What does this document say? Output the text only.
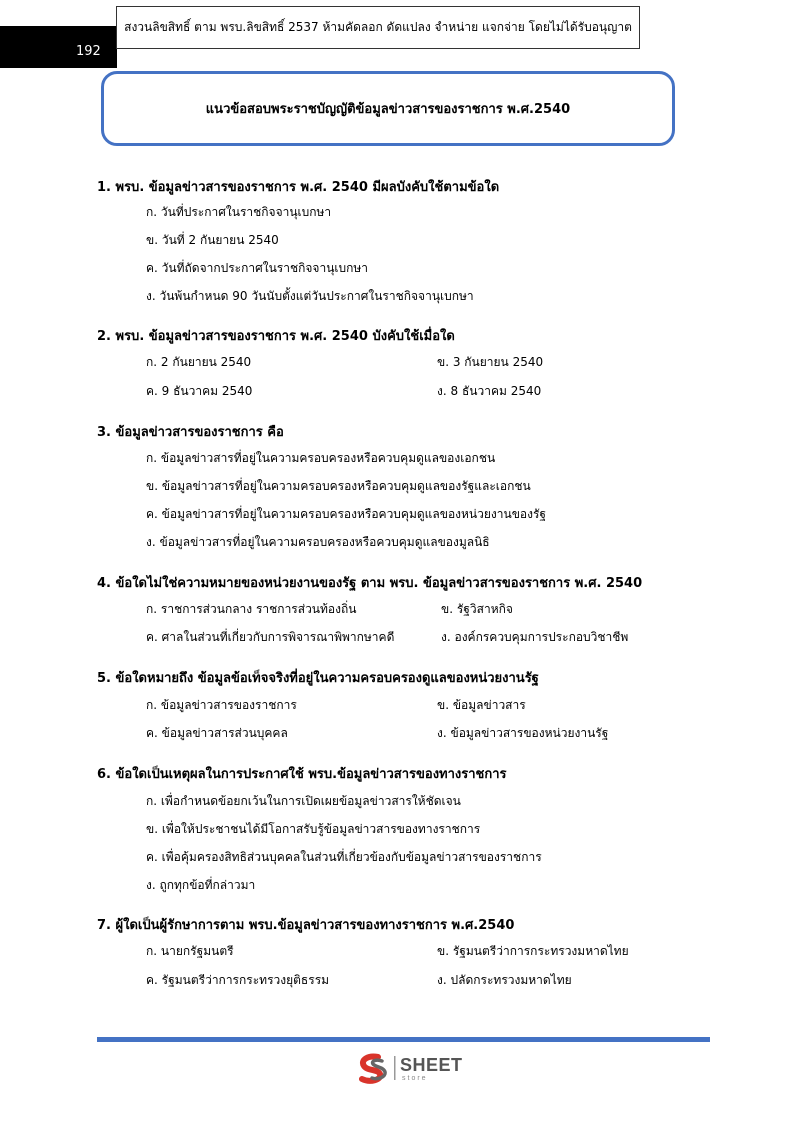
192
สงวนลิขสิทธิ์ ตาม พรบ.ลิขสิทธิ์ 2537 ห้ามคัดลอก ดัดแปลง จำหน่าย แจกจ่าย โดยไม่ได้รับอนุญาต
แนวข้อสอบพระราชบัญญัติข้อมูลข่าวสารของราชการ พ.ศ.2540
1. พรบ. ข้อมูลข่าวสารของราชการ พ.ศ. 2540 มีผลบังคับใช้ตามข้อใด
ก. วันที่ประกาศในราชกิจจานุเบกษา
ข. วันที่ 2 กันยายน 2540
ค. วันที่ถัดจากประกาศในราชกิจจานุเบกษา
ง. วันพ้นกำหนด 90 วันนับตั้งแต่วันประกาศในราชกิจจานุเบกษา
2. พรบ. ข้อมูลข่าวสารของราชการ พ.ศ. 2540 บังคับใช้เมื่อใด
ก. 2 กันยายน 2540	ข. 3 กันยายน 2540
ค. 9 ธันวาคม 2540	ง. 8 ธันวาคม 2540
3. ข้อมูลข่าวสารของราชการ คือ
ก. ข้อมูลข่าวสารที่อยู่ในความครอบครองหรือควบคุมดูแลของเอกชน
ข. ข้อมูลข่าวสารที่อยู่ในความครอบครองหรือควบคุมดูแลของรัฐและเอกชน
ค. ข้อมูลข่าวสารที่อยู่ในความครอบครองหรือควบคุมดูแลของหน่วยงานของรัฐ
ง. ข้อมูลข่าวสารที่อยู่ในความครอบครองหรือควบคุมดูแลของมูลนิธิ
4. ข้อใดไม่ใช่ความหมายของหน่วยงานของรัฐ ตาม พรบ. ข้อมูลข่าวสารของราชการ พ.ศ. 2540
ก. ราชการส่วนกลาง ราชการส่วนท้องถิ่น	ข. รัฐวิสาหกิจ
ค. ศาลในส่วนที่เกี่ยวกับการพิจารณาพิพากษาคดี	ง. องค์กรควบคุมการประกอบวิชาชีพ
5. ข้อใดหมายถึง ข้อมูลข้อเท็จจริงที่อยู่ในความครอบครองดูแลของหน่วยงานรัฐ
ก. ข้อมูลข่าวสารของราชการ	ข. ข้อมูลข่าวสาร
ค. ข้อมูลข่าวสารส่วนบุคคล	ง. ข้อมูลข่าวสารของหน่วยงานรัฐ
6. ข้อใดเป็นเหตุผลในการประกาศใช้ พรบ.ข้อมูลข่าวสารของทางราชการ
ก. เพื่อกำหนดข้อยกเว้นในการเปิดเผยข้อมูลข่าวสารให้ชัดเจน
ข. เพื่อให้ประชาชนได้มีโอกาสรับรู้ข้อมูลข่าวสารของทางราชการ
ค. เพื่อคุ้มครองสิทธิส่วนบุคคลในส่วนที่เกี่ยวข้องกับข้อมูลข่าวสารของราชการ
ง. ถูกทุกข้อที่กล่าวมา
7. ผู้ใดเป็นผู้รักษาการตาม พรบ.ข้อมูลข่าวสารของทางราชการ พ.ศ.2540
ก. นายกรัฐมนตรี	ข. รัฐมนตรีว่าการกระทรวงมหาดไทย
ค. รัฐมนตรีว่าการกระทรวงยุติธรรม	ง. ปลัดกระทรวงมหาดไทย
SHEET
store
